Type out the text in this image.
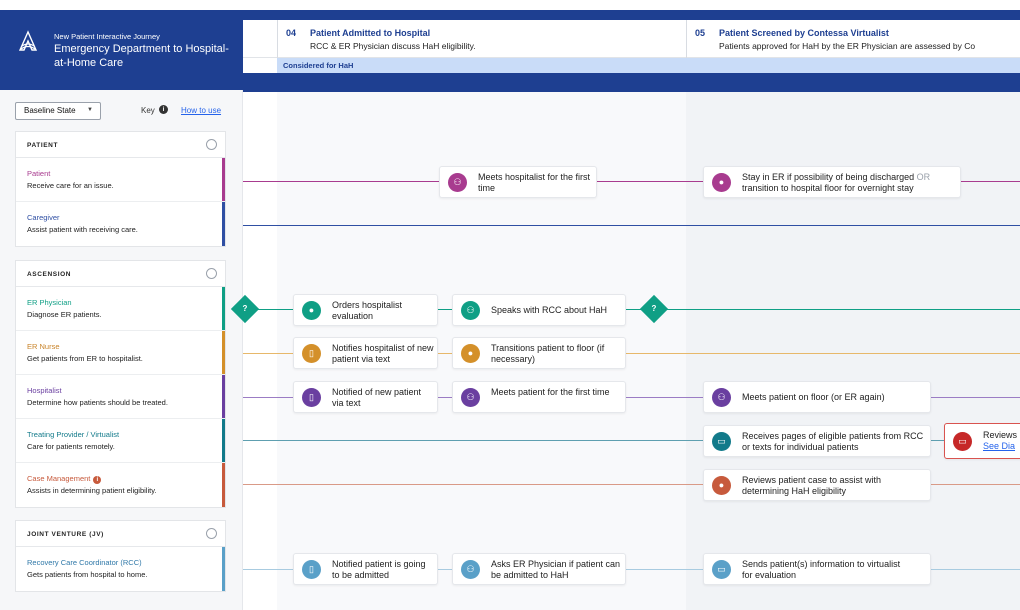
New Patient Interactive Journey
Emergency Department to Hospital-at-Home Care
Baseline State ▼	Key	i	How to use
PATIENT
Patient
Receive care for an issue.
Caregiver
Assist patient with receiving care.
ASCENSION
ER Physician
Diagnose ER patients.
ER Nurse
Get patients from ER to hospitalist.
Hospitalist
Determine how patients should be treated.
Treating Provider / Virtualist
Care for patients remotely.
Case Management i
Assists in determining patient eligibility.
JOINT VENTURE (JV)
Recovery Care Coordinator (RCC)
Gets patients from hospital to home.
04 Patient Admitted to Hospital
RCC & ER Physician discuss HaH eligibility.
05 Patient Screened by Contessa Virtualist
Patients approved for HaH by the ER Physician are assessed by Co
Considered for HaH
?	?
⚇	Meets hospitalist for the first time
●	Stay in ER if possibility of being discharged OR transition to hospital floor for overnight stay
●	Orders hospitalist evaluation
⚇	Speaks with RCC about HaH
▯	Notifies hospitalist of new patient via text
●	Transitions patient to floor (if necessary)
▯	Notified of new patient via text
⚇	Meets patient for the first time	⚇	Meets patient on floor (or ER again)
▭	Receives pages of eligible patients from RCC or texts for individual patients
▭
Reviews
See Dia
●	Reviews patient case to assist with determining HaH eligibility
▯	Notified patient is going to be admitted
⚇	Asks ER Physician if patient can be admitted to HaH
▭	Sends patient(s) information to virtualist for evaluation
